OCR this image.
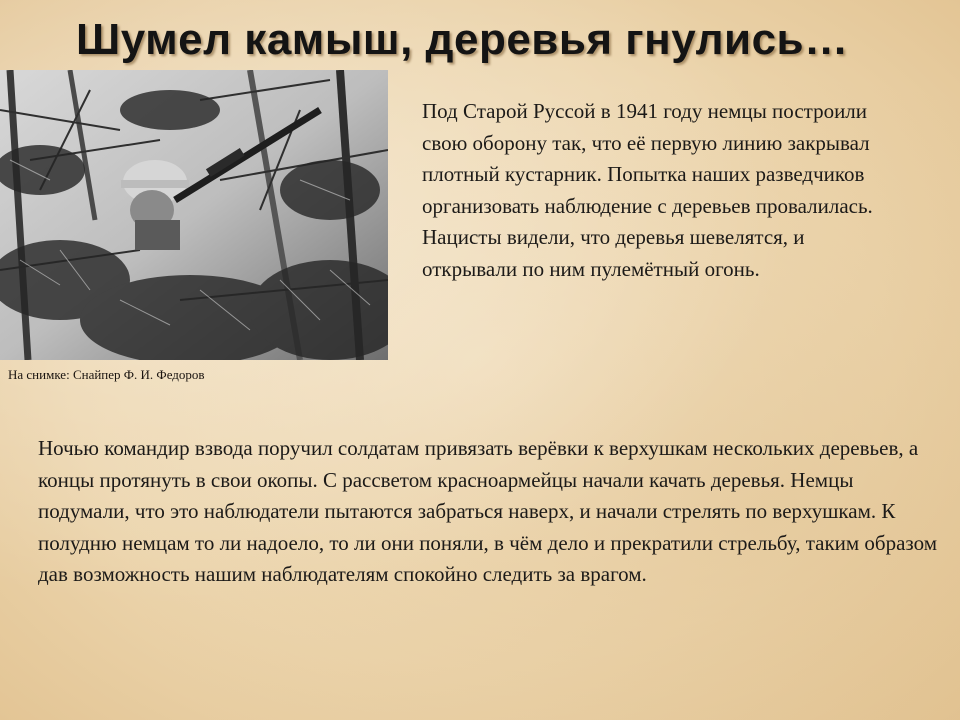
Шумел камыш, деревья гнулись…
На снимке: Снайпер Ф. И. Федоров
Под Старой Руссой в 1941 году немцы построили свою оборону так, что её первую линию закрывал плотный кустарник. Попытка наших разведчиков организовать наблюдение с деревьев провалилась. Нацисты видели, что деревья шевелятся, и открывали по ним пулемётный огонь.
Ночью командир взвода поручил солдатам привязать верёвки к верхушкам нескольких деревьев, а концы протянуть в свои окопы. С рассветом красноармейцы начали качать деревья. Немцы подумали, что это наблюдатели пытаются забраться наверх, и начали стрелять по верхушкам. К полудню немцам то ли надоело, то ли они поняли, в чём дело и прекратили стрельбу, таким образом дав возможность нашим наблюдателям спокойно следить за врагом.
